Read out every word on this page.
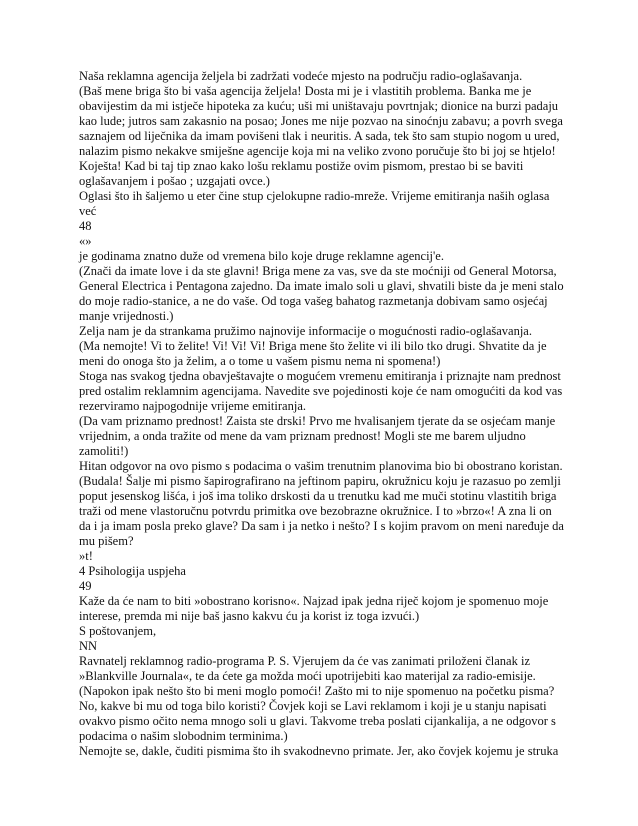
Naša reklamna agencija željela bi zadržati vodeće mjesto na području radio-oglašavanja.
(Baš mene briga što bi vaša agencija željela! Dosta mi je i vlastitih problema. Banka me je
obavijestim da mi istječe hipoteka za kuću; uši mi uništavaju povrtnjak; dionice na burzi padaju
kao lude; jutros sam zakasnio na posao; Jones me nije pozvao na sinoćnju zabavu; a povrh svega
saznajem od liječnika da imam povišeni tlak i neuritis. A sada, tek što sam stupio nogom u ured,
nalazim pismo nekakve smiješne agencije koja mi na veliko zvono poručuje što bi joj se htjelo!
Koješta! Kad bi taj tip znao kako lošu reklamu postiže ovim pismom, prestao bi se baviti
oglašavanjem i pošao ; uzgajati ovce.)
Oglasi što ih šaljemo u eter čine stup cjelokupne radio-mreže. Vrijeme emitiranja naših oglasa
već
48
«»
je godinama znatno duže od vremena bilo koje druge reklamne agencij'e.
(Znači da imate love i da ste glavni! Briga mene za vas, sve da ste moćniji od General Motorsa,
General Electrica i Pentagona zajedno. Da imate imalo soli u glavi, shvatili biste da je meni stalo
do moje radio-stanice, a ne do vaše. Od toga vašeg bahatog razmetanja dobivam samo osjećaj
manje vrijednosti.)
Zelja nam je da strankama pružimo najnovije informacije o mogućnosti radio-oglašavanja.
(Ma nemojte! Vi to želite! Vi! Vi! Vi! Briga mene što želite vi ili bilo tko drugi. Shvatite da je
meni do onoga što ja želim, a o tome u vašem pismu nema ni spomena!)
Stoga nas svakog tjedna obavještavajte o mogućem vremenu emitiranja i priznajte nam prednost
pred ostalim reklamnim agencijama. Navedite sve pojedinosti koje će nam omogućiti da kod vas
rezerviramo najpogodnije vrijeme emitiranja.
(Da vam priznamo prednost! Zaista ste drski! Prvo me hvalisanjem tjerate da se osjećam manje
vrijednim, a onda tražite od mene da vam priznam prednost! Mogli ste me barem uljudno
zamoliti!)
Hitan odgovor na ovo pismo s podacima o vašim trenutnim planovima bio bi obostrano koristan.
(Budala! Šalje mi pismo šapirografirano na jeftinom papiru, okružnicu koju je razasuo po zemlji
poput jesenskog lišća, i još ima toliko drskosti da u trenutku kad me muči stotinu vlastitih briga
traži od mene vlastoručnu potvrdu primitka ove bezobrazne okružnice. I to »brzo«! A zna li on
da i ja imam posla preko glave? Da sam i ja netko i nešto? I s kojim pravom on meni naređuje da
mu pišem?
»t!
4 Psihologija uspjeha
49
Kaže da će nam to biti »obostrano korisno«. Najzad ipak jedna riječ kojom je spomenuo moje
interese, premda mi nije baš jasno kakvu ću ja korist iz toga izvući.)
S poštovanjem,
NN
Ravnatelj reklamnog radio-programa P. S. Vjerujem da će vas zanimati priloženi članak iz
»Blankville Journala«, te da ćete ga možda moći upotrijebiti kao materijal za radio-emisije.
(Napokon ipak nešto što bi meni moglo pomoći! Zašto mi to nije spomenuo na početku pisma?
No, kakve bi mu od toga bilo koristi? Čovjek koji se Lavi reklamom i koji je u stanju napisati
ovakvo pismo očito nema mnogo soli u glavi. Takvome treba poslati cijankalija, a ne odgovor s
podacima o našim slobodnim terminima.)
Nemojte se, dakle, čuditi pismima što ih svakodnevno primate. Jer, ako čovjek kojemu je struka
